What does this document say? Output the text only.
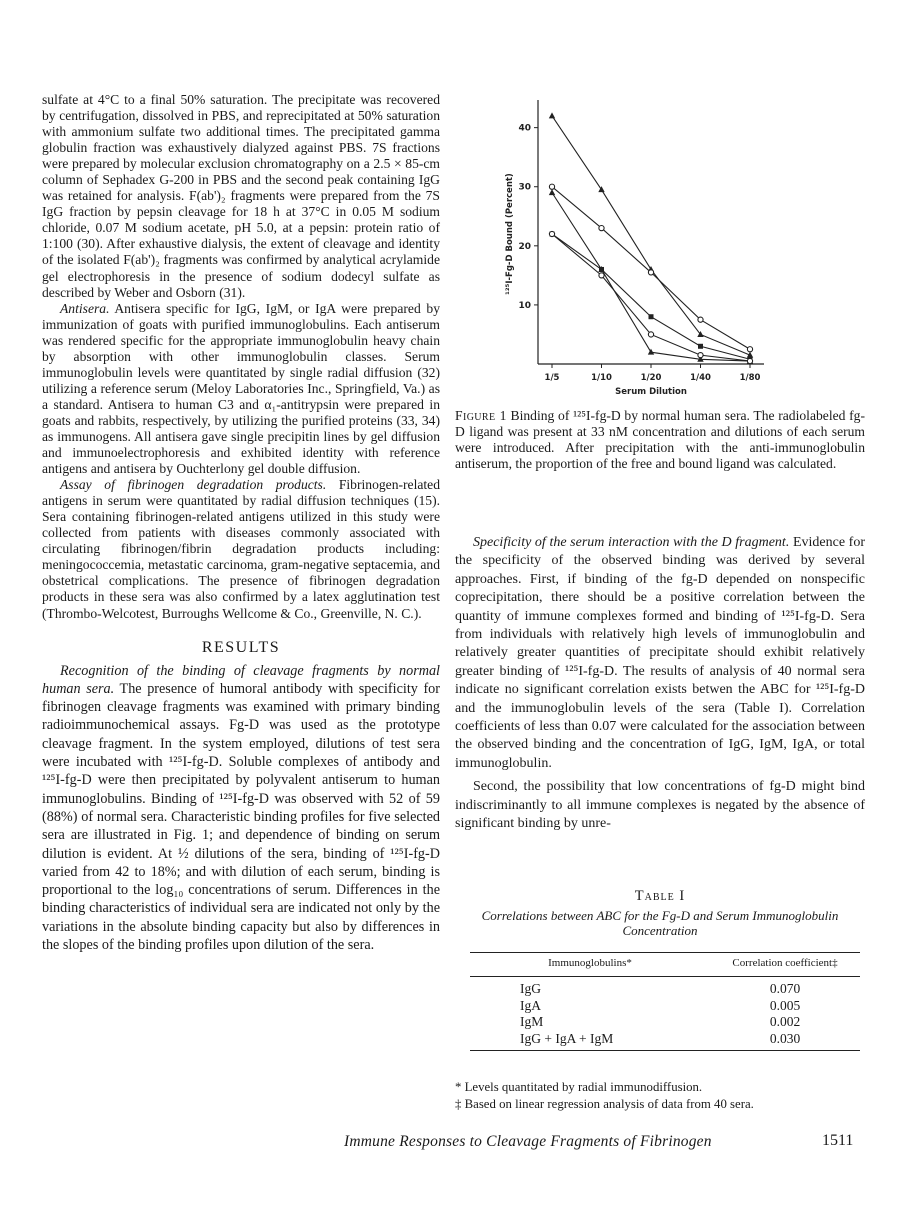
sulfate at 4°C to a final 50% saturation. The precipitate was recovered by centrifugation, dissolved in PBS, and reprecipitated at 50% saturation with ammonium sulfate two additional times. The precipitated gamma globulin fraction was exhaustively dialyzed against PBS. 7S fractions were prepared by molecular exclusion chromatography on a 2.5 × 85-cm column of Sephadex G-200 in PBS and the second peak containing IgG was retained for analysis. F(ab')₂ fragments were prepared from the 7S IgG fraction by pepsin cleavage for 18 h at 37°C in 0.05 M sodium chloride, 0.07 M sodium acetate, pH 5.0, at a pepsin: protein ratio of 1:100 (30). After exhaustive dialysis, the extent of cleavage and identity of the isolated F(ab')₂ fragments was confirmed by analytical acrylamide gel electrophoresis in the presence of sodium dodecyl sulfate as described by Weber and Osborn (31).

Antisera. Antisera specific for IgG, IgM, or IgA were prepared by immunization of goats with purified immunoglobulins. Each antiserum was rendered specific for the appropriate immunoglobulin heavy chain by absorption with other immunoglobulin classes. Serum immunoglobulin levels were quantitated by single radial diffusion (32) utilizing a reference serum (Meloy Laboratories Inc., Springfield, Va.) as a standard. Antisera to human C3 and α₁-antitrypsin were prepared in goats and rabbits, respectively, by utilizing the purified proteins (33, 34) as immunogens. All antisera gave single precipitin lines by gel diffusion and immunoelectrophoresis and exhibited identity with reference antigens and antisera by Ouchterlony gel double diffusion.

Assay of fibrinogen degradation products. Fibrinogen-related antigens in serum were quantitated by radial diffusion techniques (15). Sera containing fibrinogen-related antigens utilized in this study were collected from patients with diseases commonly associated with circulating fibrinogen/fibrin degradation products including: meningococcemia, metastatic carcinoma, gram-negative septacemia, and obstetrical complications. The presence of fibrinogen degradation products in these sera was also confirmed by a latex agglutination test (Thrombo-Welcotest, Burroughs Wellcome & Co., Greenville, N. C.).

RESULTS

Recognition of the binding of cleavage fragments by normal human sera. The presence of humoral antibody with specificity for fibrinogen cleavage fragments was examined with primary binding radioimmunochemical assays. Fg-D was used as the prototype cleavage fragment. In the system employed, dilutions of test sera were incubated with ¹²⁵I-fg-D. Soluble complexes of antibody and ¹²⁵I-fg-D were then precipitated by polyvalent antiserum to human immunoglobulins. Binding of ¹²⁵I-fg-D was observed with 52 of 59 (88%) of normal sera. Characteristic binding profiles for five selected sera are illustrated in Fig. 1; and dependence of binding on serum dilution is evident. At ½ dilutions of the sera, binding of ¹²⁵I-fg-D varied from 42 to 18%; and with dilution of each serum, binding is proportional to the log₁₀ concentrations of serum. Differences in the binding characteristics of individual sera are indicated not only by the variations in the absolute binding capacity but also by differences in the slopes of the binding profiles upon dilution of the sera.

10
20
30
40
1/5	1/10	1/20	1/40	1/80
Serum Dilution
¹²⁵I-Fg-D Bound (Percent)
Figure 1 Binding of ¹²⁵I-fg-D by normal human sera. The radiolabeled fg-D ligand was present at 33 nM concentration and dilutions of each serum were introduced. After precipitation with the anti-immunoglobulin antiserum, the proportion of the free and bound ligand was calculated.

Specificity of the serum interaction with the D fragment. Evidence for the specificity of the observed binding was derived by several approaches. First, if binding of the fg-D depended on nonspecific coprecipitation, there should be a positive correlation between the quantity of immune complexes formed and binding of ¹²⁵I-fg-D. Sera from individuals with relatively high levels of immunoglobulin and relatively greater quantities of precipitate should exhibit relatively greater binding of ¹²⁵I-fg-D. The results of analysis of 40 normal sera indicate no significant correlation exists betwen the ABC for ¹²⁵I-fg-D and the immunoglobulin levels of the sera (Table I). Correlation coefficients of less than 0.07 were calculated for the association between the observed binding and the concentration of IgG, IgM, IgA, or total immunoglobulin.

Second, the possibility that low concentrations of fg-D might bind indiscriminantly to all immune complexes is negated by the absence of significant binding by unre-

Table I
Correlations between ABC for the Fg-D and Serum Immunoglobulin Concentration
Immunoglobulins*	Correlation coefficient‡
IgG	0.070
IgA	0.005
IgM	0.002
IgG + IgA + IgM	0.030
* Levels quantitated by radial immunodiffusion.
‡ Based on linear regression analysis of data from 40 sera.
Immune Responses to Cleavage Fragments of Fibrinogen	1511
